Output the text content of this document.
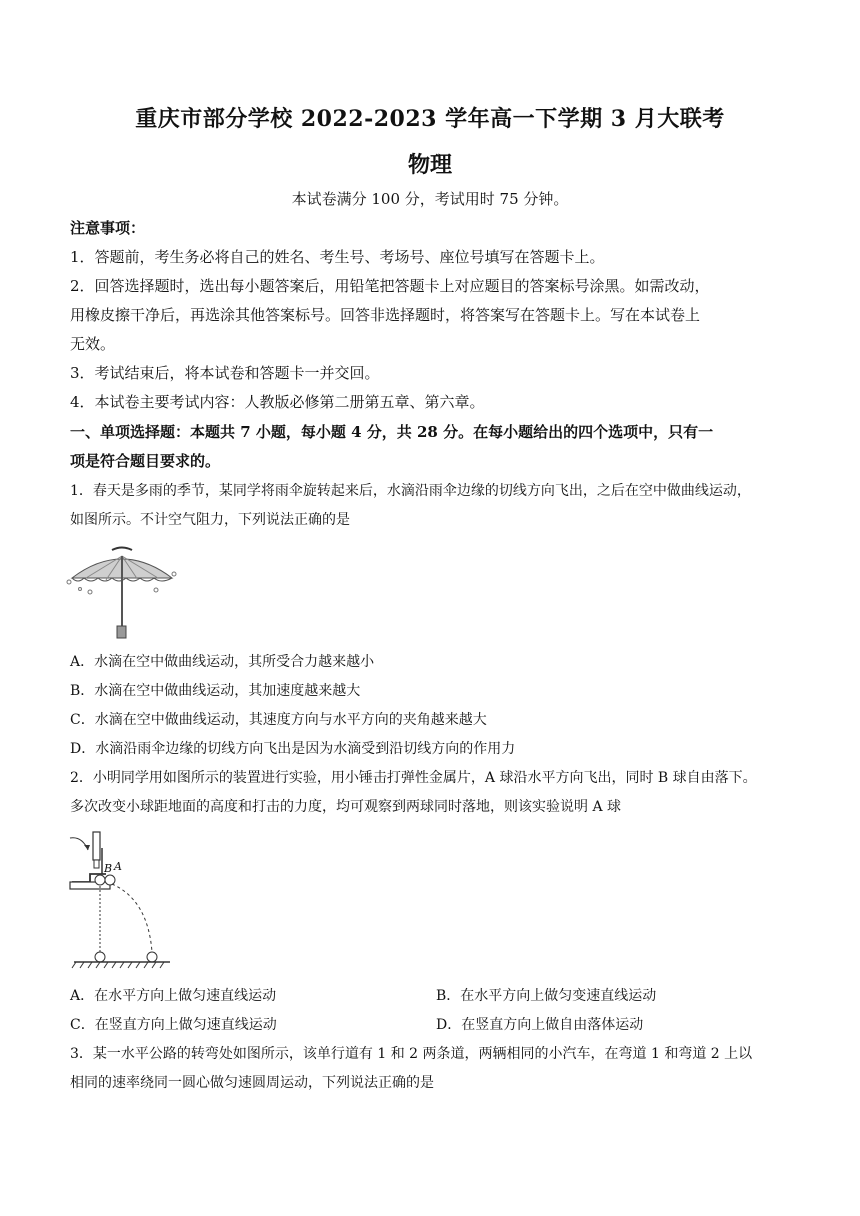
重庆市部分学校 2022-2023 学年高一下学期 3 月大联考
物理
本试卷满分 100 分，考试用时 75 分钟。
注意事项：
1．答题前，考生务必将自己的姓名、考生号、考场号、座位号填写在答题卡上。
2．回答选择题时，选出每小题答案后，用铅笔把答题卡上对应题目的答案标号涂黑。如需改动，
用橡皮擦干净后，再选涂其他答案标号。回答非选择题时，将答案写在答题卡上。写在本试卷上
无效。
3．考试结束后，将本试卷和答题卡一并交回。
4．本试卷主要考试内容：人教版必修第二册第五章、第六章。
一、单项选择题：本题共 7 小题，每小题 4 分，共 28 分。在每小题给出的四个选项中，只有一
项是符合题目要求的。
1．春天是多雨的季节，某同学将雨伞旋转起来后，水滴沿雨伞边缘的切线方向飞出，之后在空中做曲线运动，
如图所示。不计空气阻力，下列说法正确的是
A．水滴在空中做曲线运动，其所受合力越来越小
B．水滴在空中做曲线运动，其加速度越来越大
C．水滴在空中做曲线运动，其速度方向与水平方向的夹角越来越大
D．水滴沿雨伞边缘的切线方向飞出是因为水滴受到沿切线方向的作用力
2．小明同学用如图所示的装置进行实验，用小锤击打弹性金属片，A 球沿水平方向飞出，同时 B 球自由落下。
多次改变小球距地面的高度和打击的力度，均可观察到两球同时落地，则该实验说明 A 球
B A
A．在水平方向上做匀速直线运动	B．在水平方向上做匀变速直线运动
C．在竖直方向上做匀速直线运动	D．在竖直方向上做自由落体运动
3．某一水平公路的转弯处如图所示，该单行道有 1 和 2 两条道，两辆相同的小汽车，在弯道 1 和弯道 2 上以
相同的速率绕同一圆心做匀速圆周运动，下列说法正确的是
